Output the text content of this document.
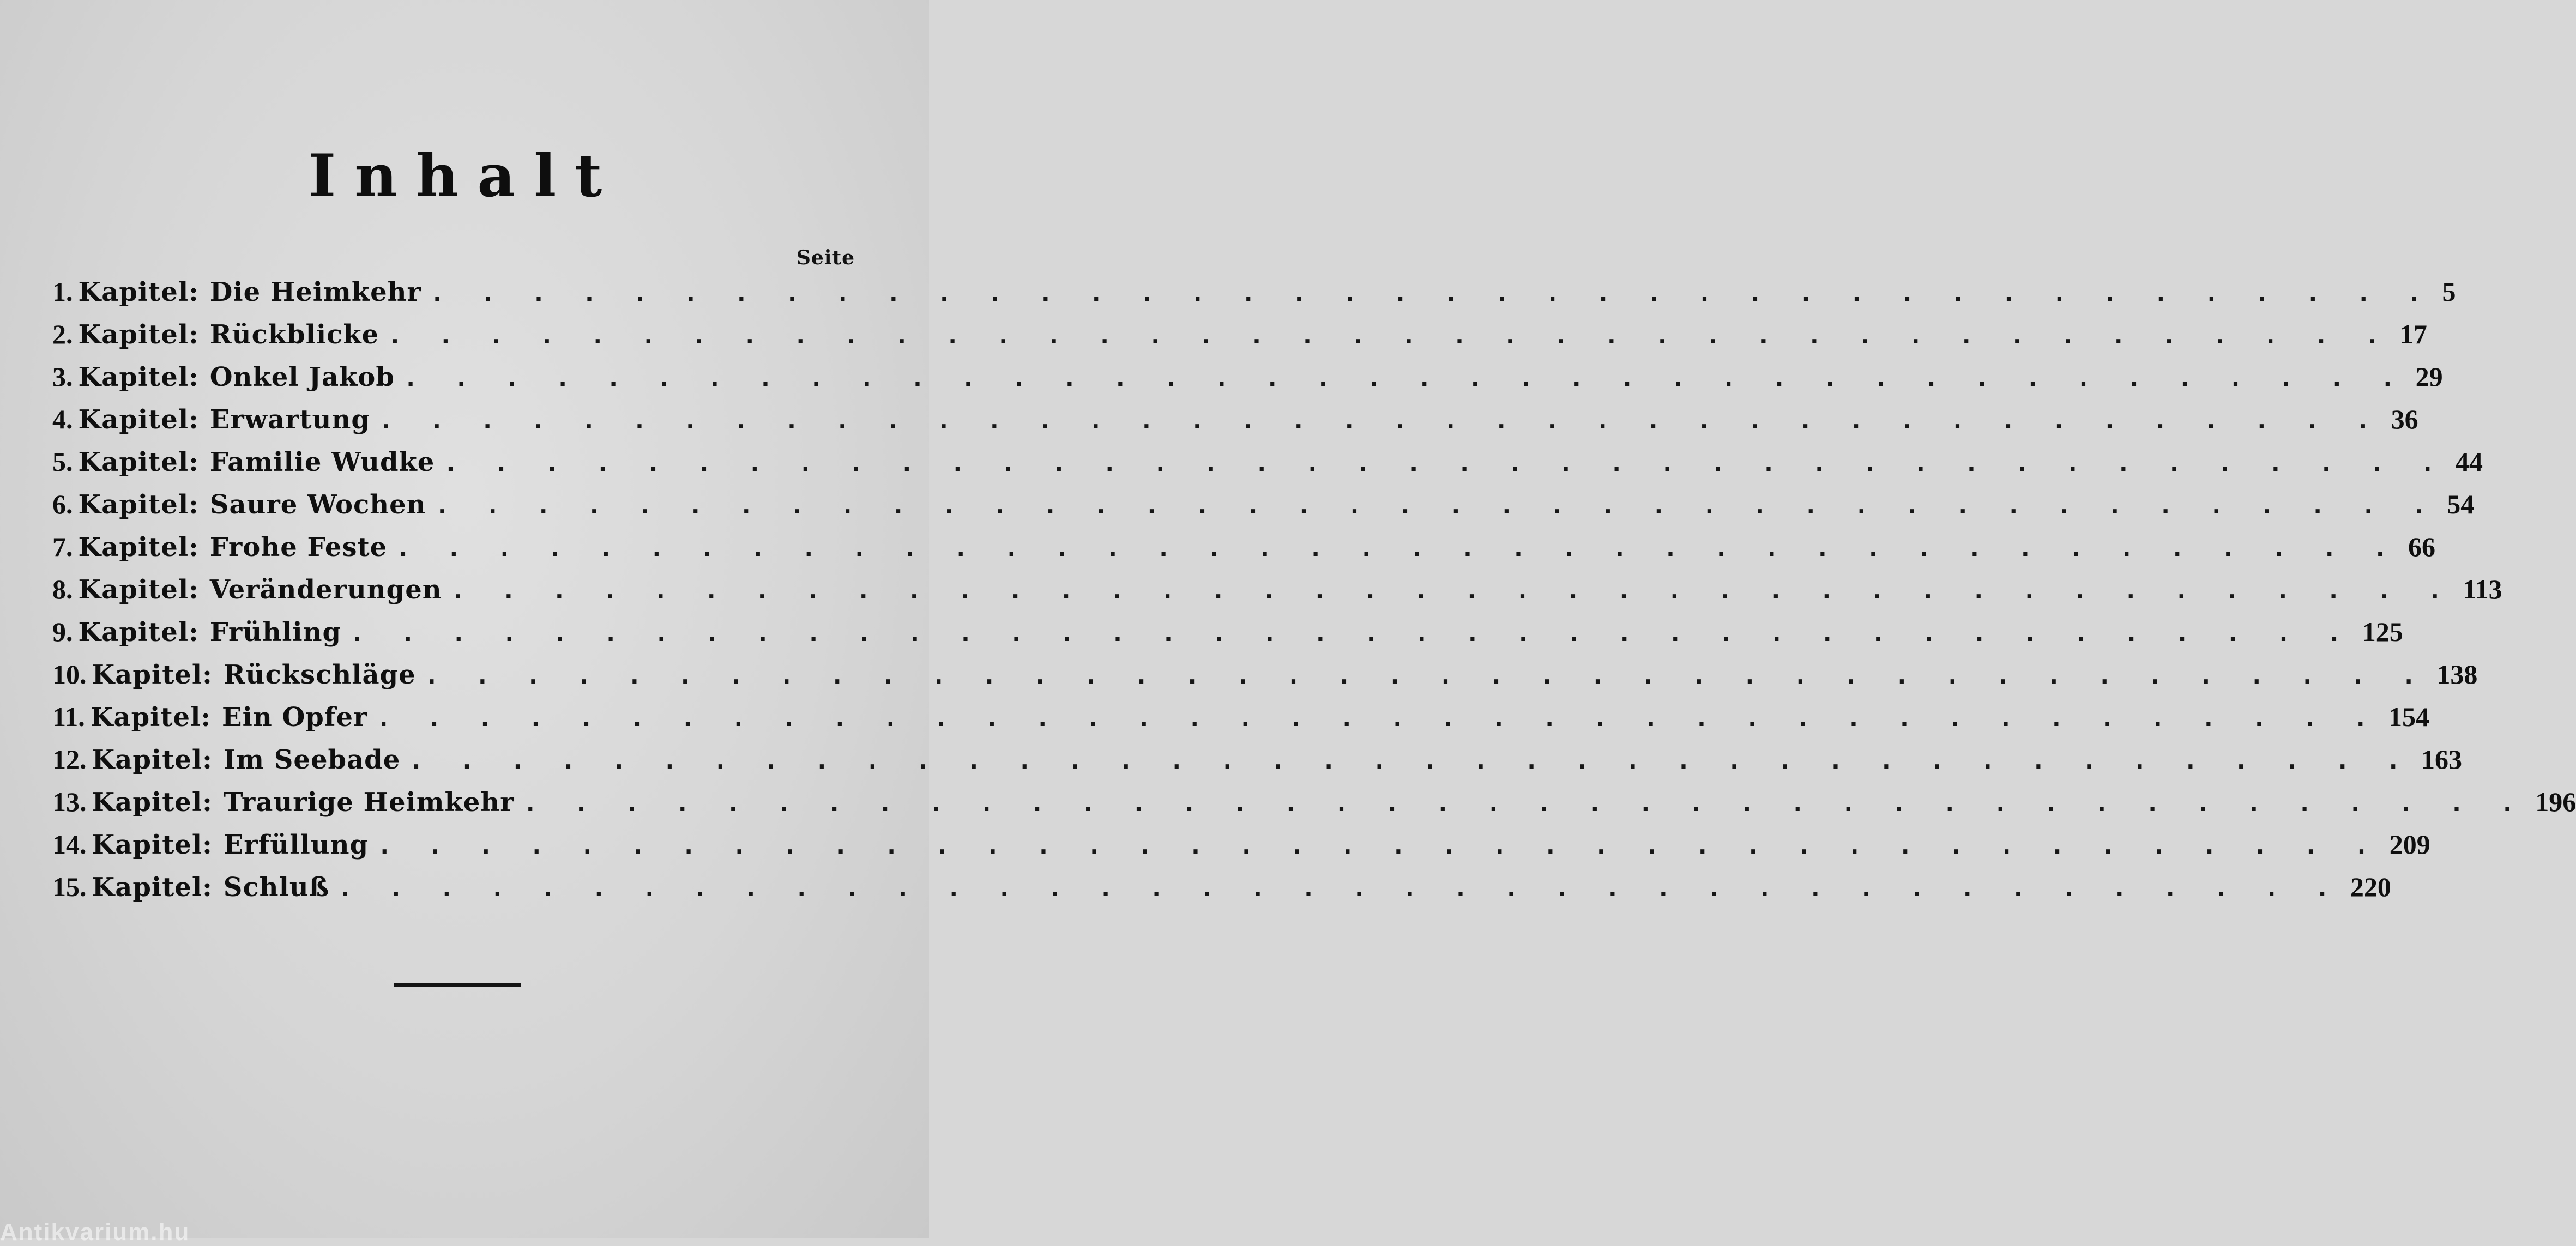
Inhalt
Seite
1. Kapitel: Die Heimkehr . . . . . . . . . . . . . . . . . . . . . . . . . . . . . . . . . . . . . . . . 5
2. Kapitel: Rückblicke . . . . . . . . . . . . . . . . . . . . . . . . . . . . . . . . . . . . . . . . 17
3. Kapitel: Onkel Jakob . . . . . . . . . . . . . . . . . . . . . . . . . . . . . . . . . . . . . . . . 29
4. Kapitel: Erwartung . . . . . . . . . . . . . . . . . . . . . . . . . . . . . . . . . . . . . . . . 36
5. Kapitel: Familie Wudke . . . . . . . . . . . . . . . . . . . . . . . . . . . . . . . . . . . . . . . . 44
6. Kapitel: Saure Wochen . . . . . . . . . . . . . . . . . . . . . . . . . . . . . . . . . . . . . . . . 54
7. Kapitel: Frohe Feste . . . . . . . . . . . . . . . . . . . . . . . . . . . . . . . . . . . . . . . . 66
8. Kapitel: Veränderungen . . . . . . . . . . . . . . . . . . . . . . . . . . . . . . . . . . . . . . . . 113
9. Kapitel: Frühling . . . . . . . . . . . . . . . . . . . . . . . . . . . . . . . . . . . . . . . . 125
10. Kapitel: Rückschläge . . . . . . . . . . . . . . . . . . . . . . . . . . . . . . . . . . . . . . . . 138
11. Kapitel: Ein Opfer . . . . . . . . . . . . . . . . . . . . . . . . . . . . . . . . . . . . . . . . 154
12. Kapitel: Im Seebade . . . . . . . . . . . . . . . . . . . . . . . . . . . . . . . . . . . . . . . . 163
13. Kapitel: Traurige Heimkehr . . . . . . . . . . . . . . . . . . . . . . . . . . . . . . . . . . . . . . . . 196
14. Kapitel: Erfüllung . . . . . . . . . . . . . . . . . . . . . . . . . . . . . . . . . . . . . . . . 209
15. Kapitel: Schluß . . . . . . . . . . . . . . . . . . . . . . . . . . . . . . . . . . . . . . . . 220
Antikvarium.hu
